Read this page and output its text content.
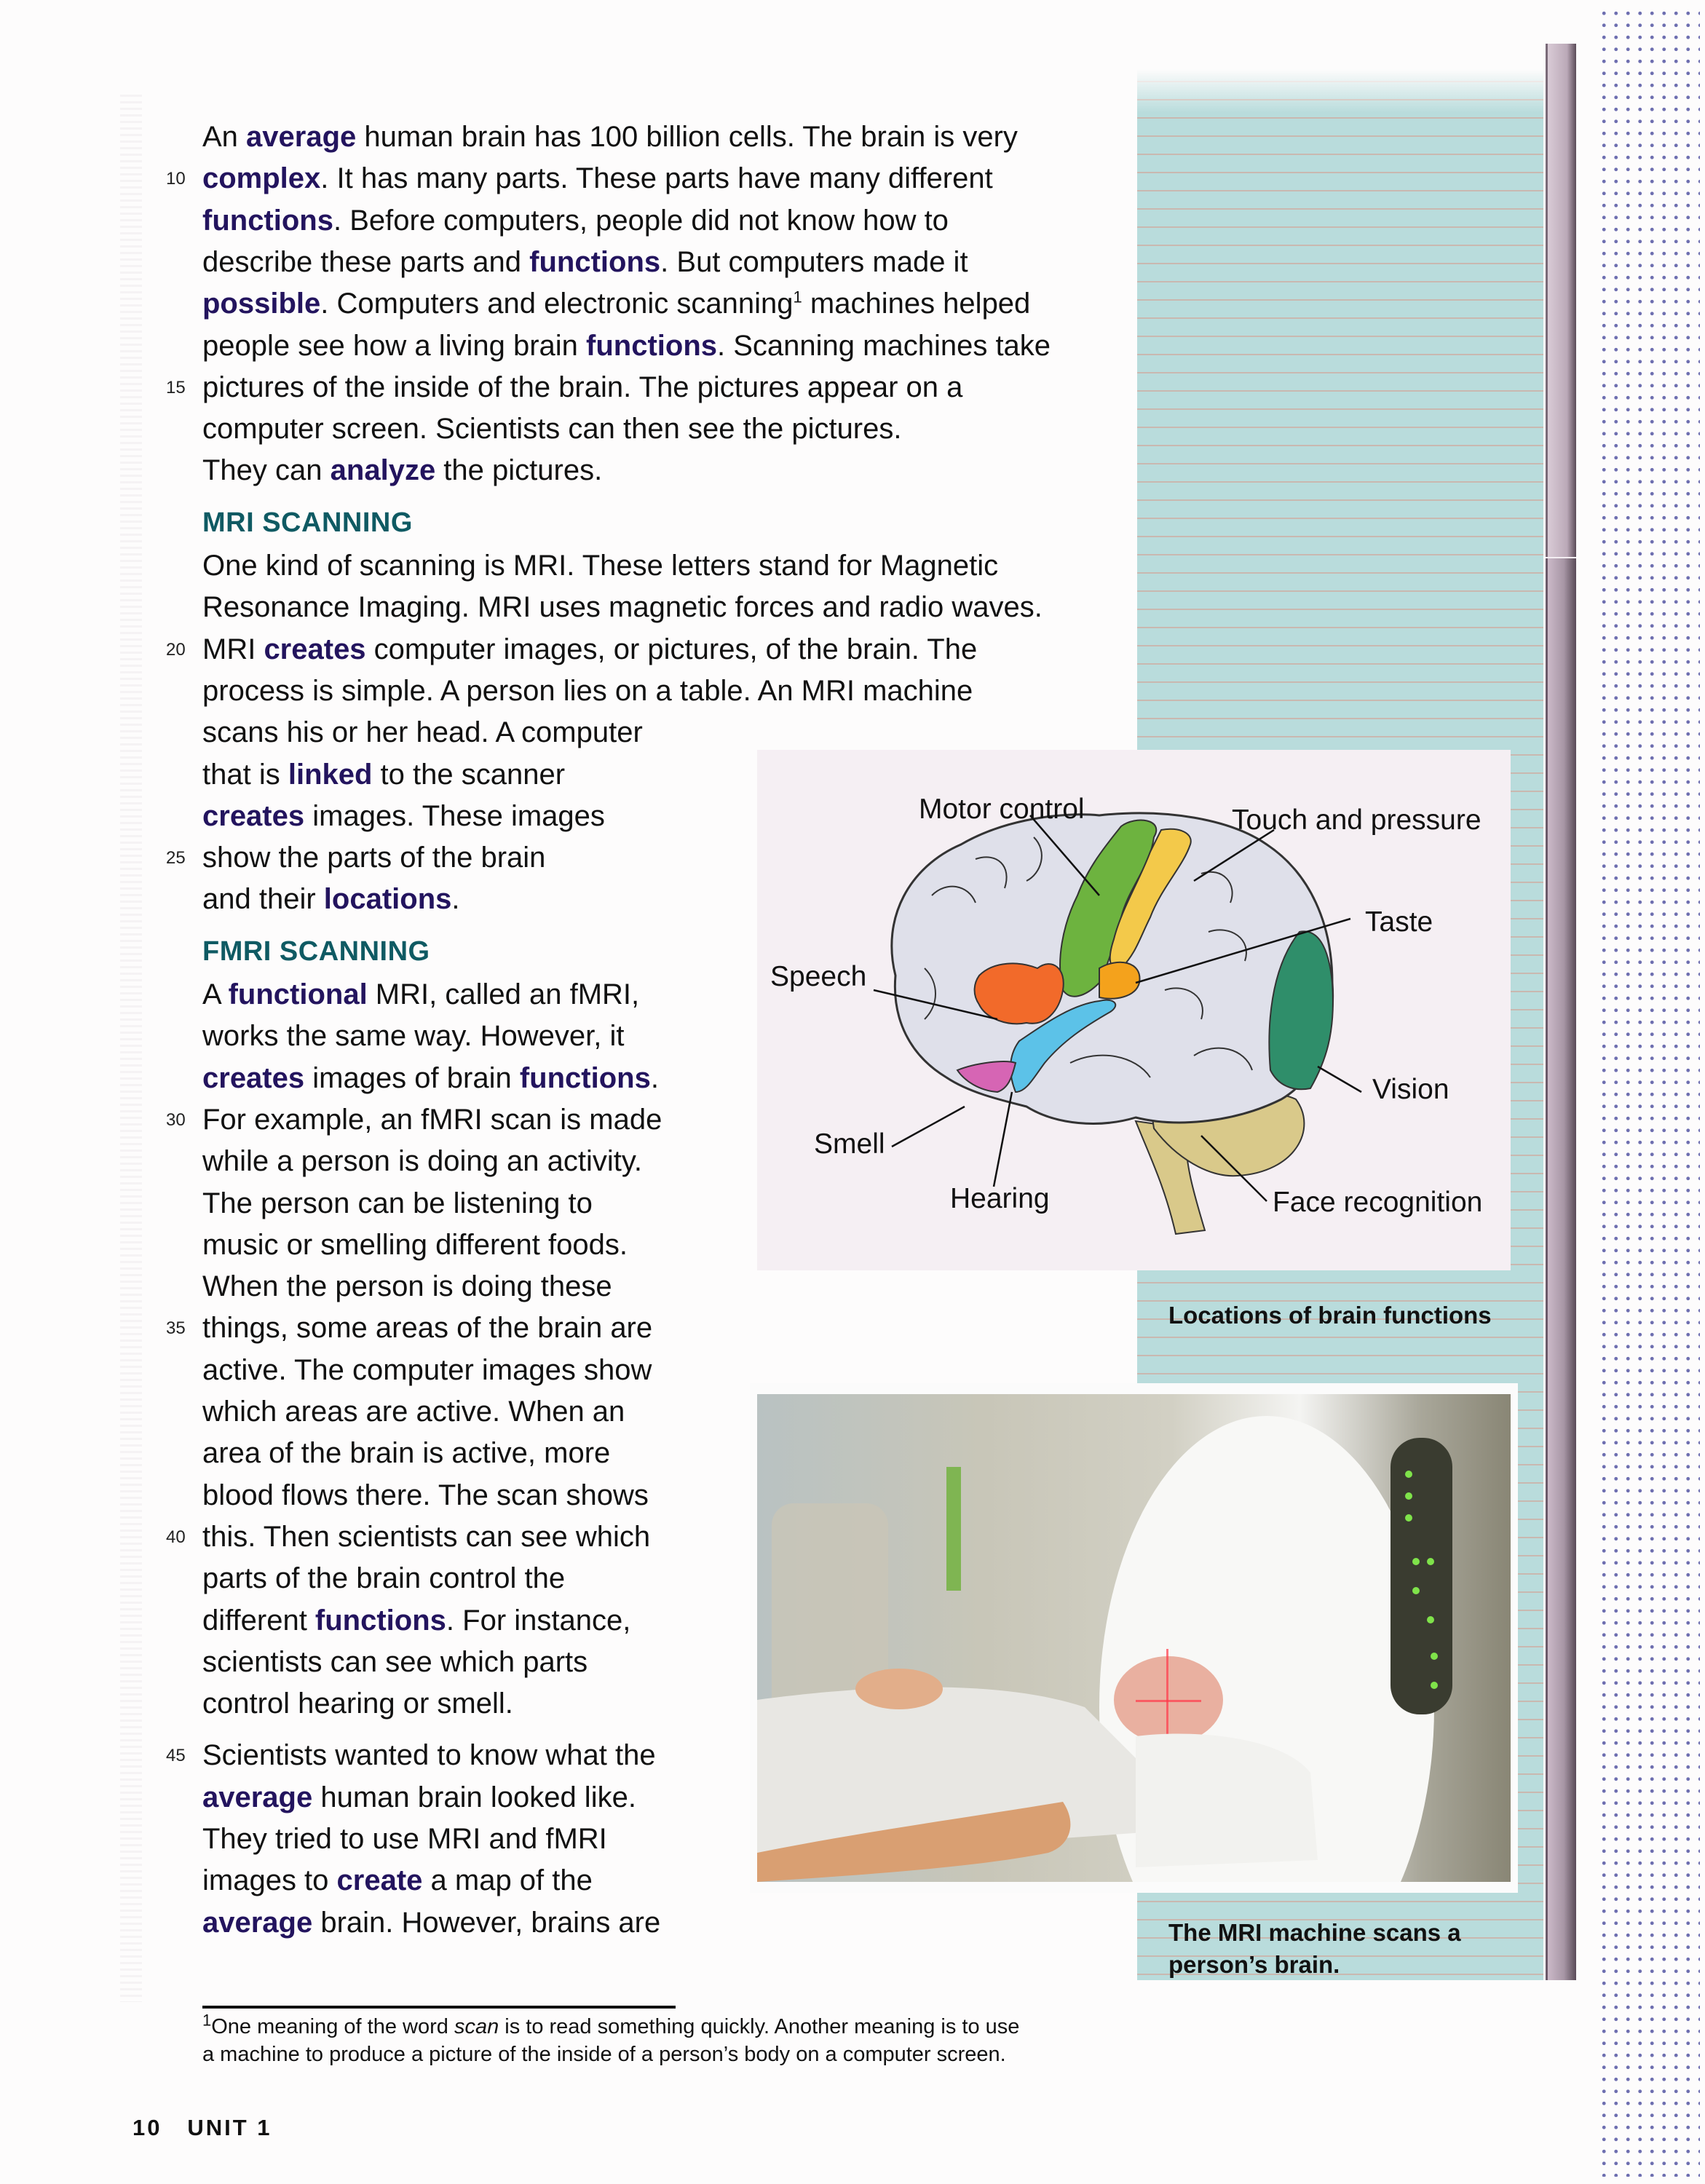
An average human brain has 100 billion cells. The brain is very
complex. It has many parts. These parts have many different
10
functions. Before computers, people did not know how to
describe these parts and functions. But computers made it
possible. Computers and electronic scanning$^1$ machines helped
people see how a living brain functions. Scanning machines take
pictures of the inside of the brain. The pictures appear on a
15
computer screen. Scientists can then see the pictures.
They can analyze the pictures.
MRI SCANNING
One kind of scanning is MRI. These letters stand for Magnetic
Resonance Imaging. MRI uses magnetic forces and radio waves.
MRI creates computer images, or pictures, of the brain. The
20
process is simple. A person lies on a table. An MRI machine
scans his or her head. A computer
that is linked to the scanner
creates images. These images
show the parts of the brain
25
and their locations.
FMRI SCANNING
A functional MRI, called an fMRI,
works the same way. However, it
creates images of brain functions.
For example, an fMRI scan is made
30
while a person is doing an activity.
The person can be listening to
music or smelling different foods.
When the person is doing these
things, some areas of the brain are
35
active. The computer images show
which areas are active. When an
area of the brain is active, more
blood flows there. The scan shows
this. Then scientists can see which
40
parts of the brain control the
different functions. For instance,
scientists can see which parts
control hearing or smell.
Scientists wanted to know what the
45
average human brain looked like.
They tried to use MRI and fMRI
images to create a map of the
average brain. However, brains are
Motor control	Touch and pressure
Taste
Speech
Vision
Smell
Hearing	Face recognition
Locations of brain functions
The MRI machine scans a
person’s brain.
$^1$One meaning of the word scan is to read something quickly. Another meaning is to use
a machine to produce a picture of the inside of a person’s body on a computer screen.
10 UNIT 1
